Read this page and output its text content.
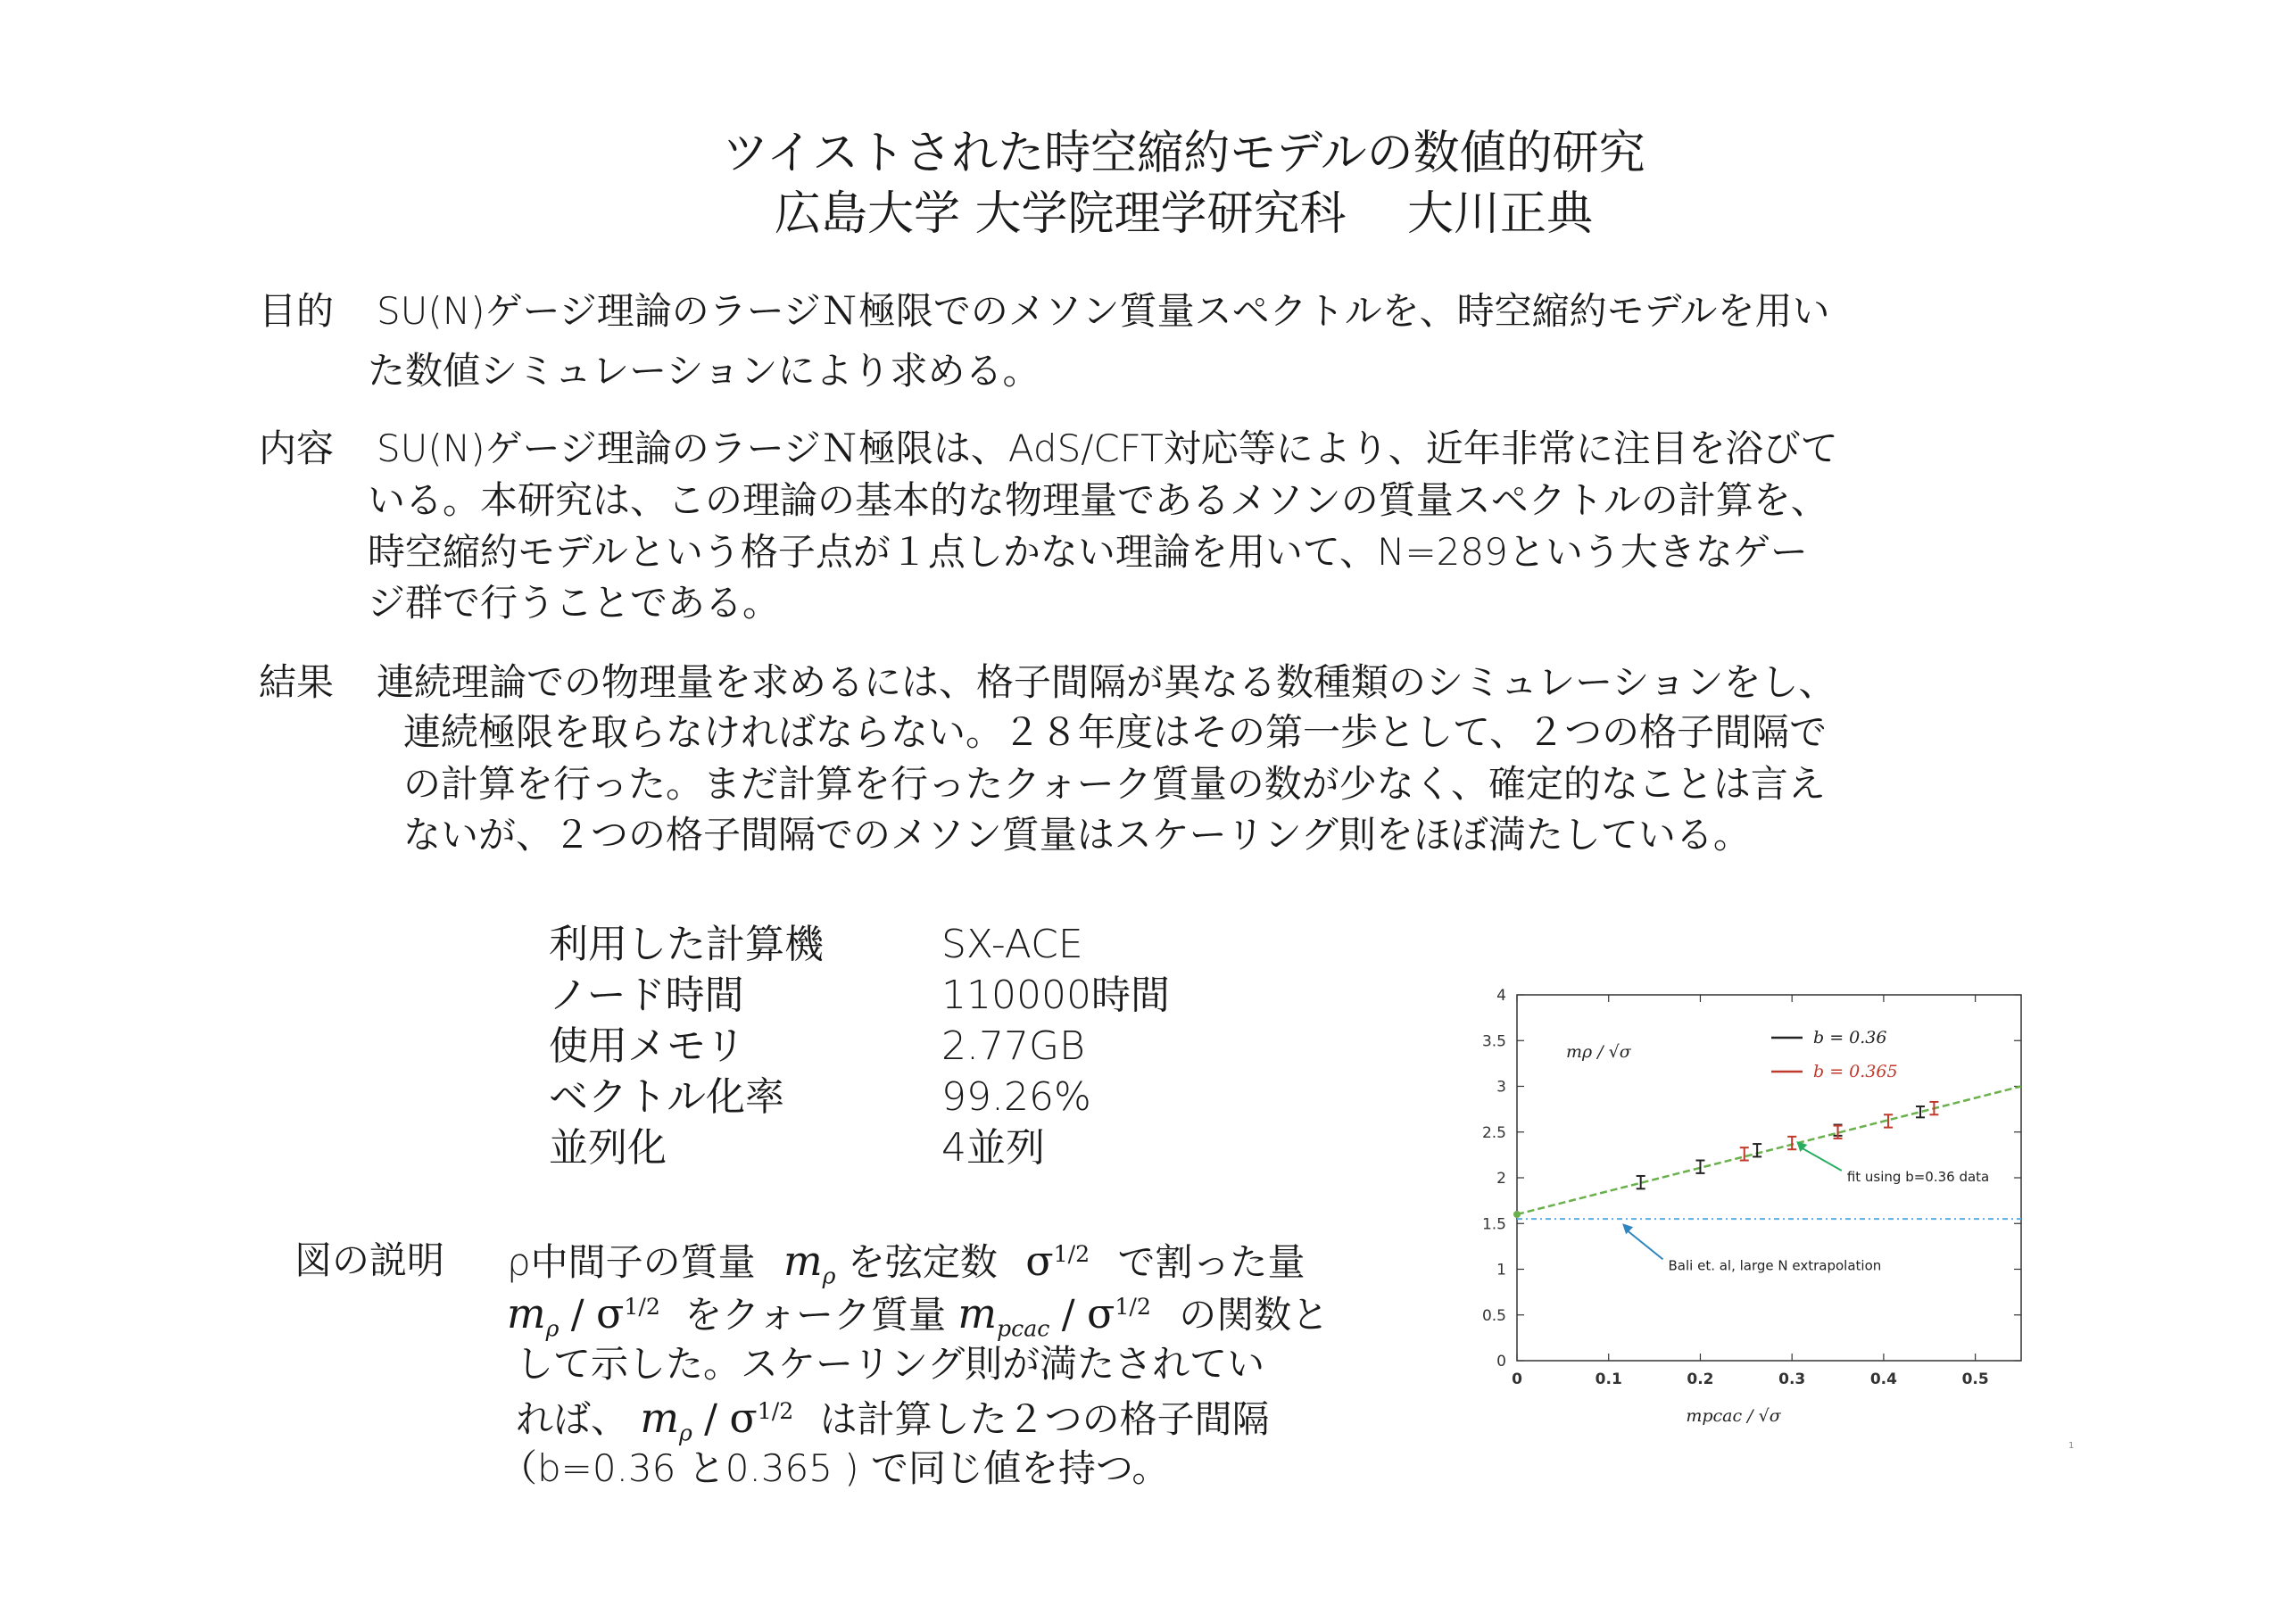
ツイストされた時空縮約モデルの数値的研究
広島大学 大学院理学研究科　 大川正典
目的 SU(N)ゲージ理論のラージＮ極限でのメソン質量スペクトルを、時空縮約モデルを用い
た数値シミュレーションにより求める。
内容 SU(N)ゲージ理論のラージＮ極限は、AdS/CFT対応等により、近年非常に注目を浴びて
いる。本研究は、この理論の基本的な物理量であるメソンの質量スペクトルの計算を、
時空縮約モデルという格子点が１点しかない理論を用いて、N=289という大きなゲー
ジ群で行うことである。
結果 連続理論での物理量を求めるには、格子間隔が異なる数種類のシミュレーションをし、
連続極限を取らなければならない。２８年度はその第一歩として、２つの格子間隔で
の計算を行った。まだ計算を行ったクォーク質量の数が少なく、確定的なことは言え
ないが、２つの格子間隔でのメソン質量はスケーリング則をほぼ満たしている。
利用した計算機	SX-ACE
ノード時間	110000時間
使用メモリ	2.77GB
ベクトル化率	99.26%
並列化	4並列
図の説明 ρ中間子の質量 $m_\rho$ を弦定数 $\sigma^{1/2}$ で割った量
$m_\rho / \sigma^{1/2}$ をクォーク質量 $m_{pcac} / \sigma^{1/2}$ の関数と
して示した。スケーリング則が満たされてい
れば、 $m_\rho / \sigma^{1/2}$ は計算した２つの格子間隔
（b=0.36 と0.365 ) で同じ値を持つ。
0	0.1	0.2	0.3	0.4	0.5
0
0.5
1
1.5
2
2.5
3
3.5
4
fit using b=0.36 data
Bali et. al, large N extrapolation
b = 0.36
b = 0.365
mρ / √σ
mpcac / √σ
1
